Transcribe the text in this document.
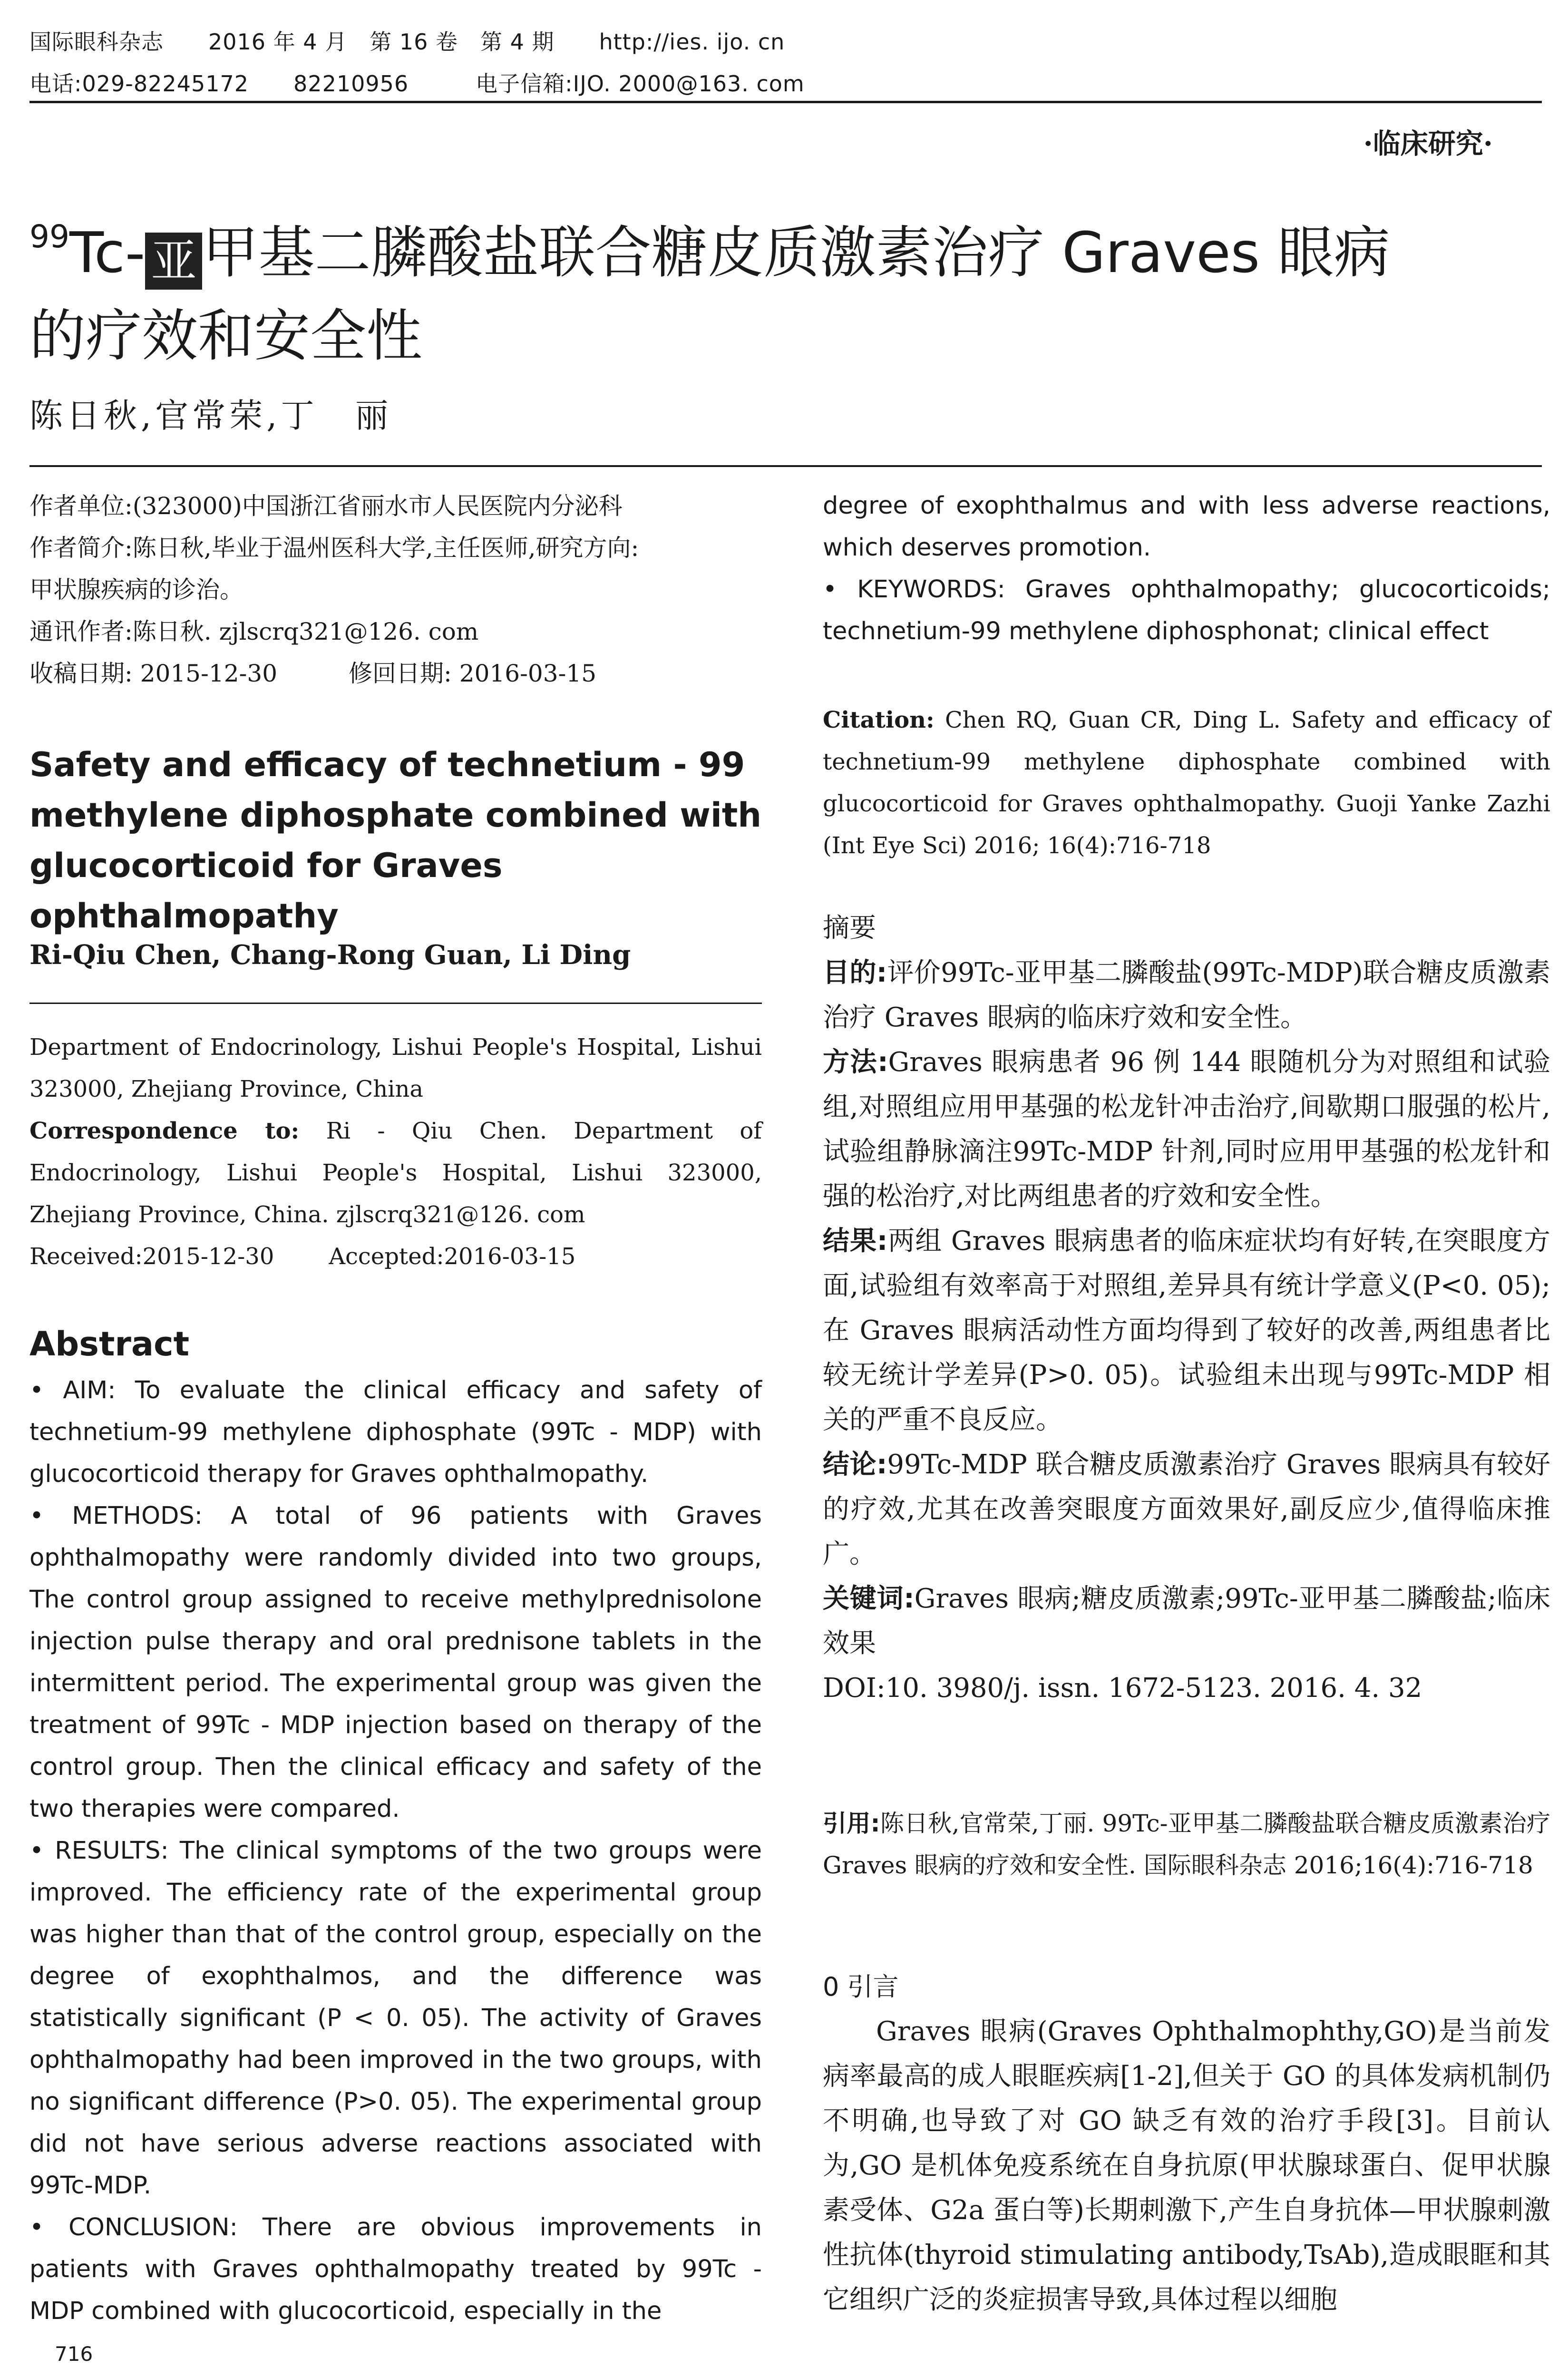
国际眼科杂志　　2016 年 4 月　第 16 卷　第 4 期　　http://ies. ijo. cn
电话:029-82245172　　82210956　　　电子信箱:IJO. 2000@163. com
·临床研究·
$^{99}$Tc- 亚 甲基二膦酸盐联合糖皮质激素治疗 Graves 眼病
的疗效和安全性
陈日秋,官常荣,丁　丽
作者单位:(323000)中国浙江省丽水市人民医院内分泌科
作者简介:陈日秋,毕业于温州医科大学,主任医师,研究方向:
甲状腺疾病的诊治。
通讯作者:陈日秋. zjlscrq321@126. com
收稿日期: 2015-12-30　　　修回日期: 2016-03-15
Safety and efficacy of technetium - 99 methylene diphosphate combined with glucocorticoid for Graves ophthalmopathy
Ri-Qiu Chen, Chang-Rong Guan, Li Ding

Department of Endocrinology, Lishui People's Hospital, Lishui 323000, Zhejiang Province, China

Correspondence to: Ri - Qiu Chen. Department of Endocrinology, Lishui People's Hospital, Lishui 323000, Zhejiang Province, China. zjlscrq321@126. com

Received:2015-12-30 Accepted:2016-03-15

Abstract

• AIM: To evaluate the clinical efficacy and safety of technetium-99 methylene diphosphate (99Tc - MDP) with glucocorticoid therapy for Graves ophthalmopathy.

• METHODS: A total of 96 patients with Graves ophthalmopathy were randomly divided into two groups, The control group assigned to receive methylprednisolone injection pulse therapy and oral prednisone tablets in the intermittent period. The experimental group was given the treatment of 99Tc - MDP injection based on therapy of the control group. Then the clinical efficacy and safety of the two therapies were compared.

• RESULTS: The clinical symptoms of the two groups were improved. The efficiency rate of the experimental group was higher than that of the control group, especially on the degree of exophthalmos, and the difference was statistically significant (P < 0. 05). The activity of Graves ophthalmopathy had been improved in the two groups, with no significant difference (P>0. 05). The experimental group did not have serious adverse reactions associated with 99Tc-MDP.

• CONCLUSION: There are obvious improvements in patients with Graves ophthalmopathy treated by 99Tc - MDP combined with glucocorticoid, especially in the

716

degree of exophthalmus and with less adverse reactions, which deserves promotion.

• KEYWORDS: Graves ophthalmopathy; glucocorticoids; technetium-99 methylene diphosphonat; clinical effect

Citation: Chen RQ, Guan CR, Ding L. Safety and efficacy of technetium-99 methylene diphosphate combined with glucocorticoid for Graves ophthalmopathy. Guoji Yanke Zazhi (Int Eye Sci) 2016; 16(4):716-718

摘要

目的:评价99Tc-亚甲基二膦酸盐(99Tc-MDP)联合糖皮质激素治疗 Graves 眼病的临床疗效和安全性。

方法:Graves 眼病患者 96 例 144 眼随机分为对照组和试验组,对照组应用甲基强的松龙针冲击治疗,间歇期口服强的松片,试验组静脉滴注99Tc-MDP 针剂,同时应用甲基强的松龙针和强的松治疗,对比两组患者的疗效和安全性。

结果:两组 Graves 眼病患者的临床症状均有好转,在突眼度方面,试验组有效率高于对照组,差异具有统计学意义(P<0. 05);在 Graves 眼病活动性方面均得到了较好的改善,两组患者比较无统计学差异(P>0. 05)。试验组未出现与99Tc-MDP 相关的严重不良反应。

结论:99Tc-MDP 联合糖皮质激素治疗 Graves 眼病具有较好的疗效,尤其在改善突眼度方面效果好,副反应少,值得临床推广。

关键词:Graves 眼病;糖皮质激素;99Tc-亚甲基二膦酸盐;临床效果

DOI:10. 3980/j. issn. 1672-5123. 2016. 4. 32

引用:陈日秋,官常荣,丁丽. 99Tc-亚甲基二膦酸盐联合糖皮质激素治疗 Graves 眼病的疗效和安全性. 国际眼科杂志 2016;16(4):716-718
0 引言
Graves 眼病(Graves Ophthalmophthy,GO)是当前发病率最高的成人眼眶疾病[1-2],但关于 GO 的具体发病机制仍不明确,也导致了对 GO 缺乏有效的治疗手段[3]。目前认为,GO 是机体免疫系统在自身抗原(甲状腺球蛋白、促甲状腺素受体、G2a 蛋白等)长期刺激下,产生自身抗体—甲状腺刺激性抗体(thyroid stimulating antibody,TsAb),造成眼眶和其它组织广泛的炎症损害导致,具体过程以细胞
